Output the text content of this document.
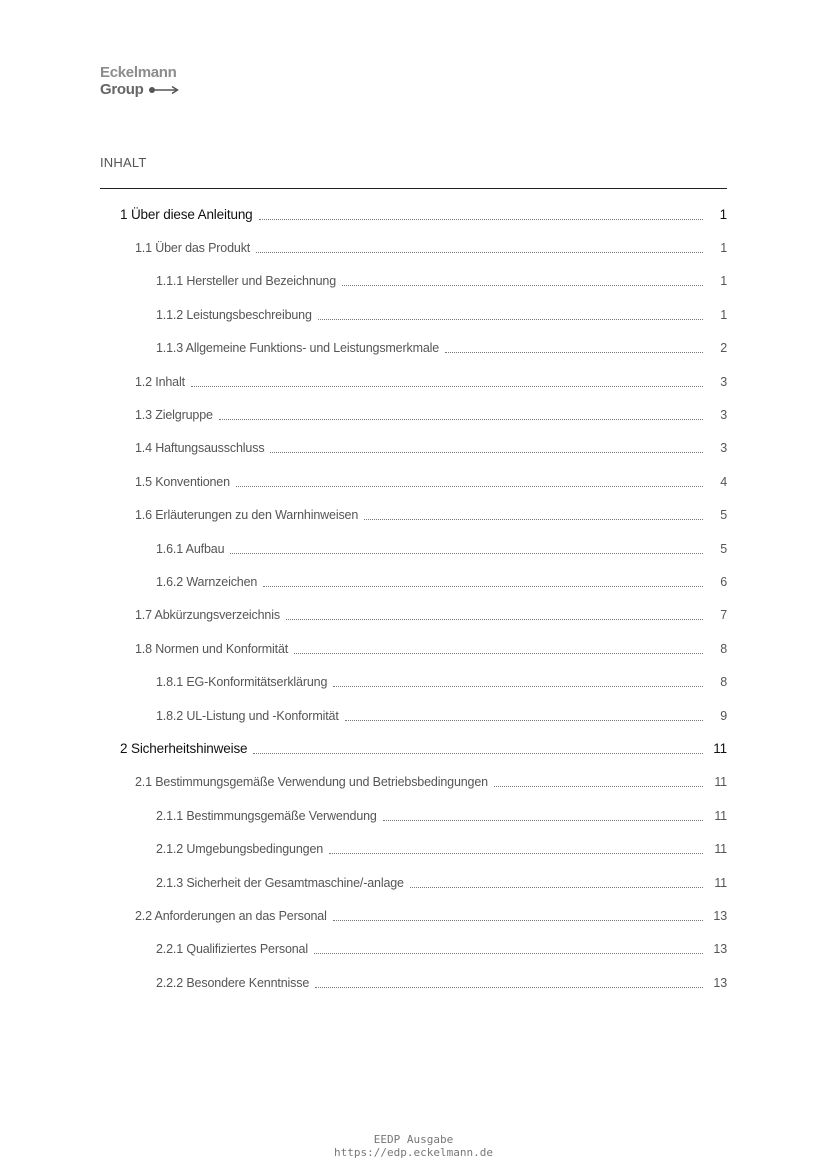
Eckelmann
Group
INHALT
1 Über diese Anleitung	1
1.1 Über das Produkt	1
1.1.1 Hersteller und Bezeichnung	1
1.1.2 Leistungsbeschreibung	1
1.1.3 Allgemeine Funktions- und Leistungsmerkmale	2
1.2 Inhalt	3
1.3 Zielgruppe	3
1.4 Haftungsausschluss	3
1.5 Konventionen	4
1.6 Erläuterungen zu den Warnhinweisen	5
1.6.1 Aufbau	5
1.6.2 Warnzeichen	6
1.7 Abkürzungsverzeichnis	7
1.8 Normen und Konformität	8
1.8.1 EG-Konformitätserklärung	8
1.8.2 UL-Listung und -Konformität	9
2 Sicherheitshinweise	11
2.1 Bestimmungsgemäße Verwendung und Betriebsbedingungen	11
2.1.1 Bestimmungsgemäße Verwendung	11
2.1.2 Umgebungsbedingungen	11
2.1.3 Sicherheit der Gesamtmaschine/-anlage	11
2.2 Anforderungen an das Personal	13
2.2.1 Qualifiziertes Personal	13
2.2.2 Besondere Kenntnisse	13
EEDP Ausgabe
https://edp.eckelmann.de
